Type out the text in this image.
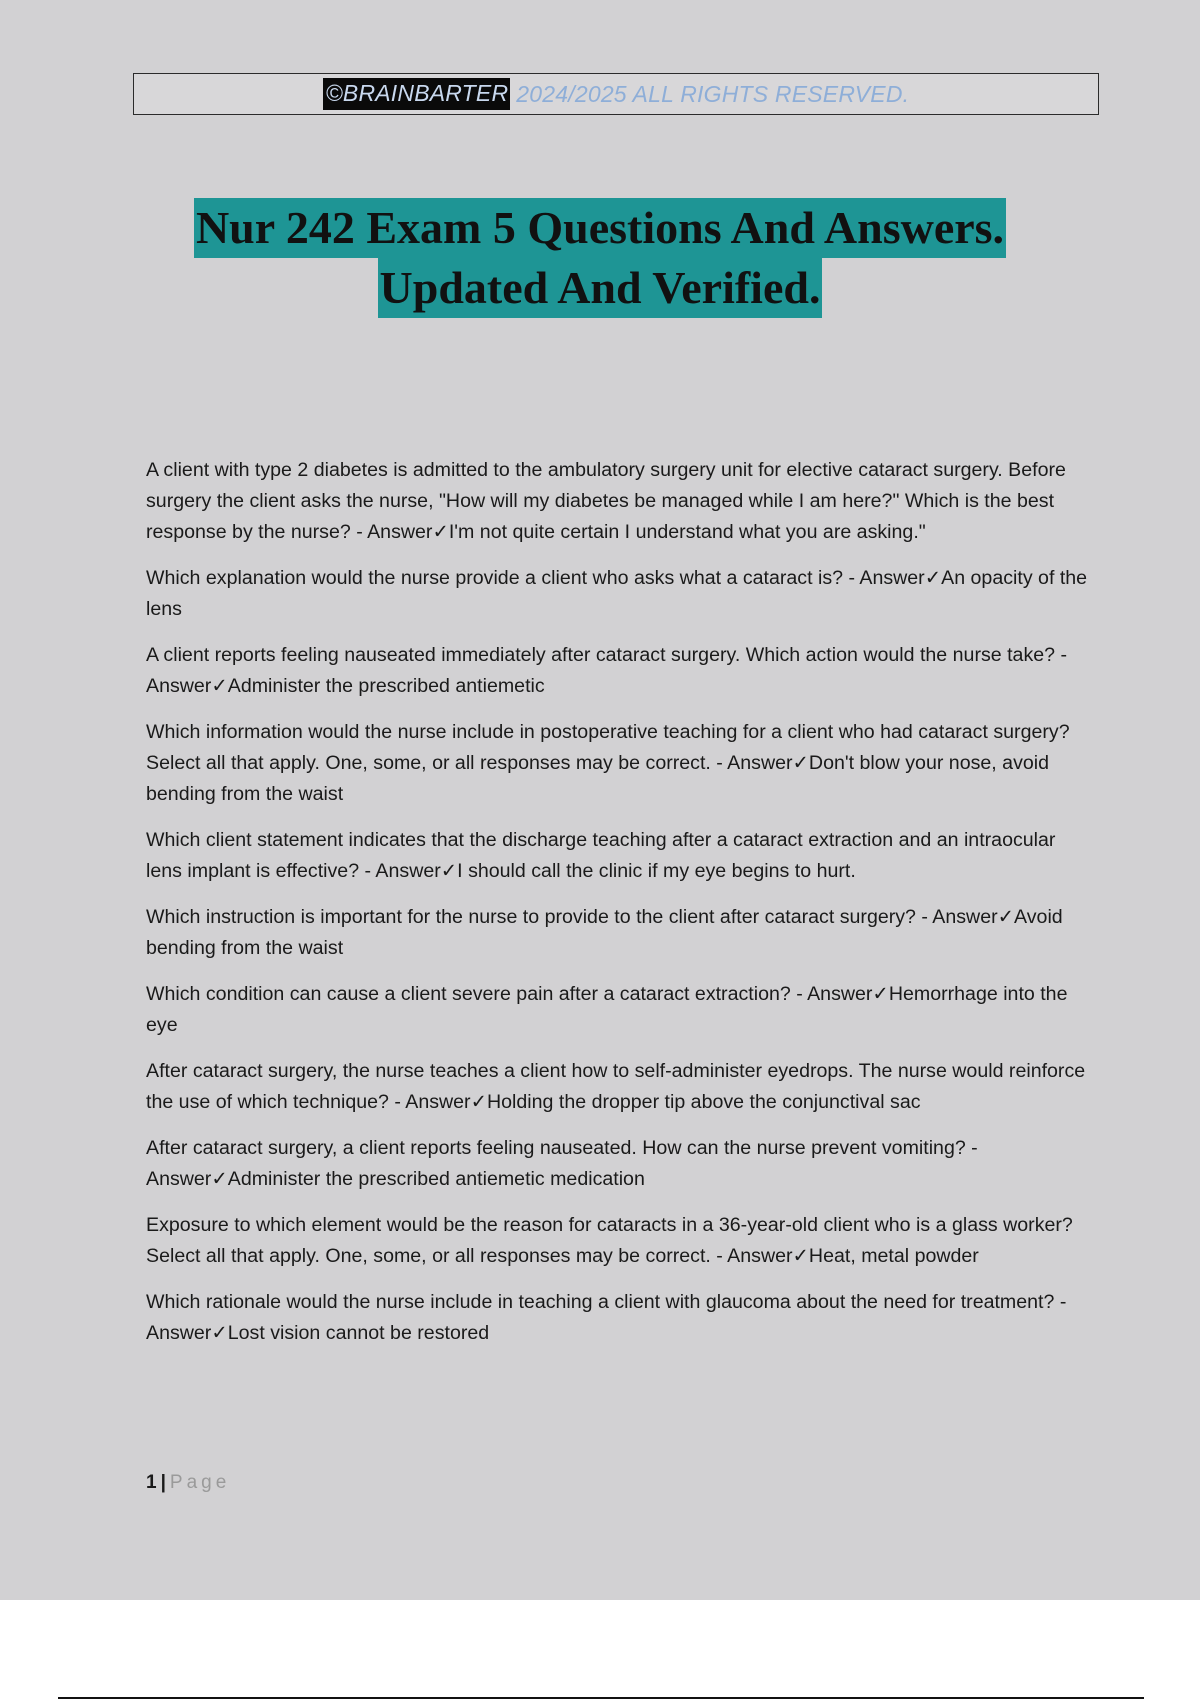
©BRAINBARTER 2024/2025 ALL RIGHTS RESERVED.
Nur 242 Exam 5 Questions And Answers.
Updated And Verified.

A client with type 2 diabetes is admitted to the ambulatory surgery unit for elective cataract surgery. Before surgery the client asks the nurse, "How will my diabetes be managed while I am here?" Which is the best response by the nurse? - Answer✓I'm not quite certain I understand what you are asking."

Which explanation would the nurse provide a client who asks what a cataract is? - Answer✓An opacity of the lens

A client reports feeling nauseated immediately after cataract surgery. Which action would the nurse take? - Answer✓Administer the prescribed antiemetic

Which information would the nurse include in postoperative teaching for a client who had cataract surgery? Select all that apply. One, some, or all responses may be correct. - Answer✓Don't blow your nose, avoid bending from the waist

Which client statement indicates that the discharge teaching after a cataract extraction and an intraocular lens implant is effective? - Answer✓I should call the clinic if my eye begins to hurt.

Which instruction is important for the nurse to provide to the client after cataract surgery? - Answer✓Avoid bending from the waist

Which condition can cause a client severe pain after a cataract extraction? - Answer✓Hemorrhage into the eye

After cataract surgery, the nurse teaches a client how to self-administer eyedrops. The nurse would reinforce the use of which technique? - Answer✓Holding the dropper tip above the conjunctival sac

After cataract surgery, a client reports feeling nauseated. How can the nurse prevent vomiting? - Answer✓Administer the prescribed antiemetic medication

Exposure to which element would be the reason for cataracts in a 36-year-old client who is a glass worker? Select all that apply. One, some, or all responses may be correct. - Answer✓Heat, metal powder

Which rationale would the nurse include in teaching a client with glaucoma about the need for treatment? - Answer✓Lost vision cannot be restored

1 | Page
